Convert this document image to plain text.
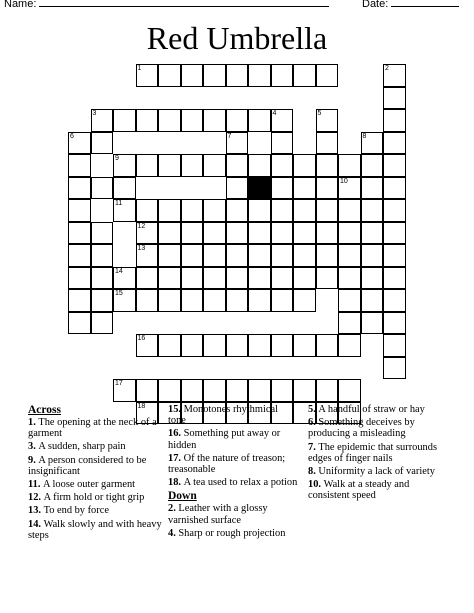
Name:	Date:
Red Umbrella
1	2
3	4	5
6	7	8
9
10
11
12
13
14
15
16
17
18
Across
1. The opening at the neck of a garment
3. A sudden, sharp pain
9. A person considered to be insignificant
11. A loose outer garment
12. A firm hold or tight grip
13. To end by force
14. Walk slowly and with heavy steps
15. Monotones rhythmical tone
16. Something put away or hidden
17. Of the nature of treason; treasonable
18. A tea used to relax a potion
Down
2. Leather with a glossy varnished surface
4. Sharp or rough projection
5. A handful of straw or hay
6. Something deceives by producing a misleading
7. The epidemic that surrounds edges of finger nails
8. Uniformity a lack of variety
10. Walk at a steady and consistent speed
